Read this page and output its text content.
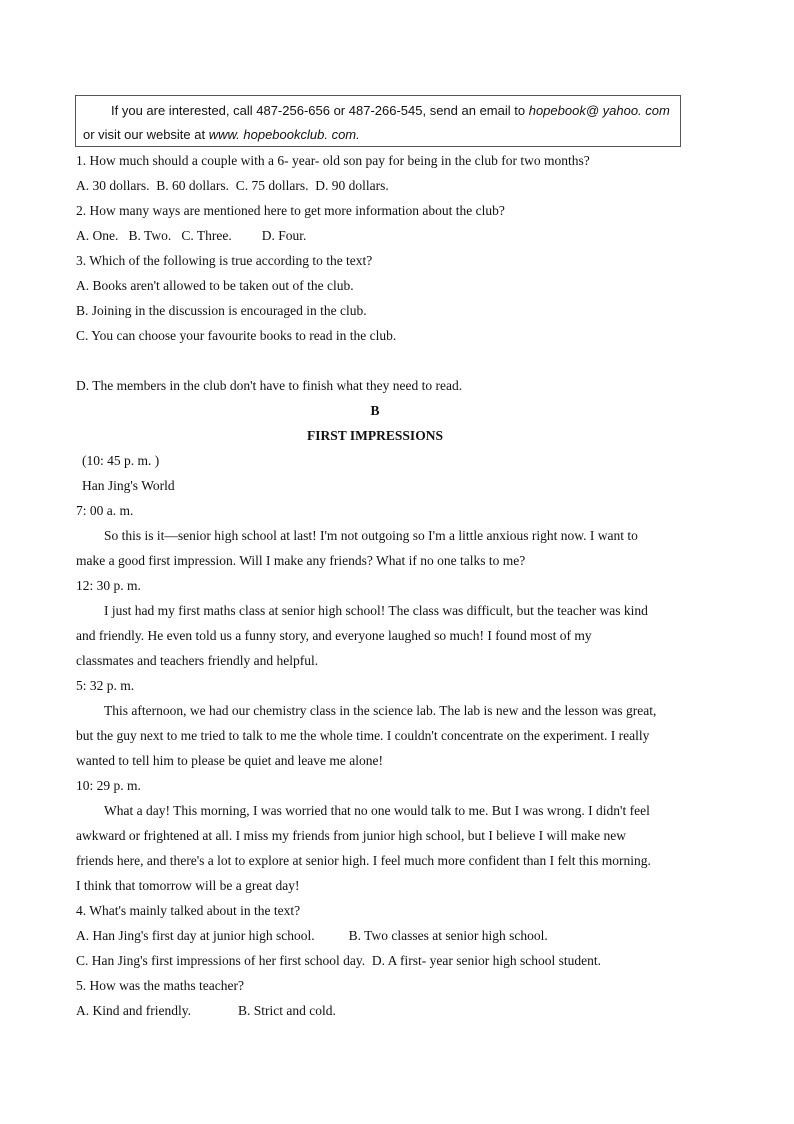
If you are interested, call 487-256-656 or 487-266-545, send an email to hopebook@ yahoo. com
or visit our website at www. hopebookclub. com.
1. How much should a couple with a 6- year- old son pay for being in the club for two months?
A. 30 dollars. B. 60 dollars. C. 75 dollars. D. 90 dollars.
2. How many ways are mentioned here to get more information about the club?
A. One. B. Two. C. Three. D. Four.
3. Which of the following is true according to the text?
A. Books aren't allowed to be taken out of the club.
B. Joining in the discussion is encouraged in the club.
C. You can choose your favourite books to read in the club.
D. The members in the club don't have to finish what they need to read.
B
FIRST IMPRESSIONS
(10: 45 p. m. )
Han Jing's World
7: 00 a. m.
So this is it—senior high school at last! I'm not outgoing so I'm a little anxious right now. I want to
make a good first impression. Will I make any friends? What if no one talks to me?
12: 30 p. m.
I just had my first maths class at senior high school! The class was difficult, but the teacher was kind
and friendly. He even told us a funny story, and everyone laughed so much! I found most of my
classmates and teachers friendly and helpful.
5: 32 p. m.
This afternoon, we had our chemistry class in the science lab. The lab is new and the lesson was great,
but the guy next to me tried to talk to me the whole time. I couldn't concentrate on the experiment. I really
wanted to tell him to please be quiet and leave me alone!
10: 29 p. m.
What a day! This morning, I was worried that no one would talk to me. But I was wrong. I didn't feel
awkward or frightened at all. I miss my friends from junior high school, but I believe I will make new
friends here, and there's a lot to explore at senior high. I feel much more confident than I felt this morning.
I think that tomorrow will be a great day!
4. What's mainly talked about in the text?
A. Han Jing's first day at junior high school.	B. Two classes at senior high school.
C. Han Jing's first impressions of her first school day. D. A first- year senior high school student.
5. How was the maths teacher?
A. Kind and friendly.	B. Strict and cold.
